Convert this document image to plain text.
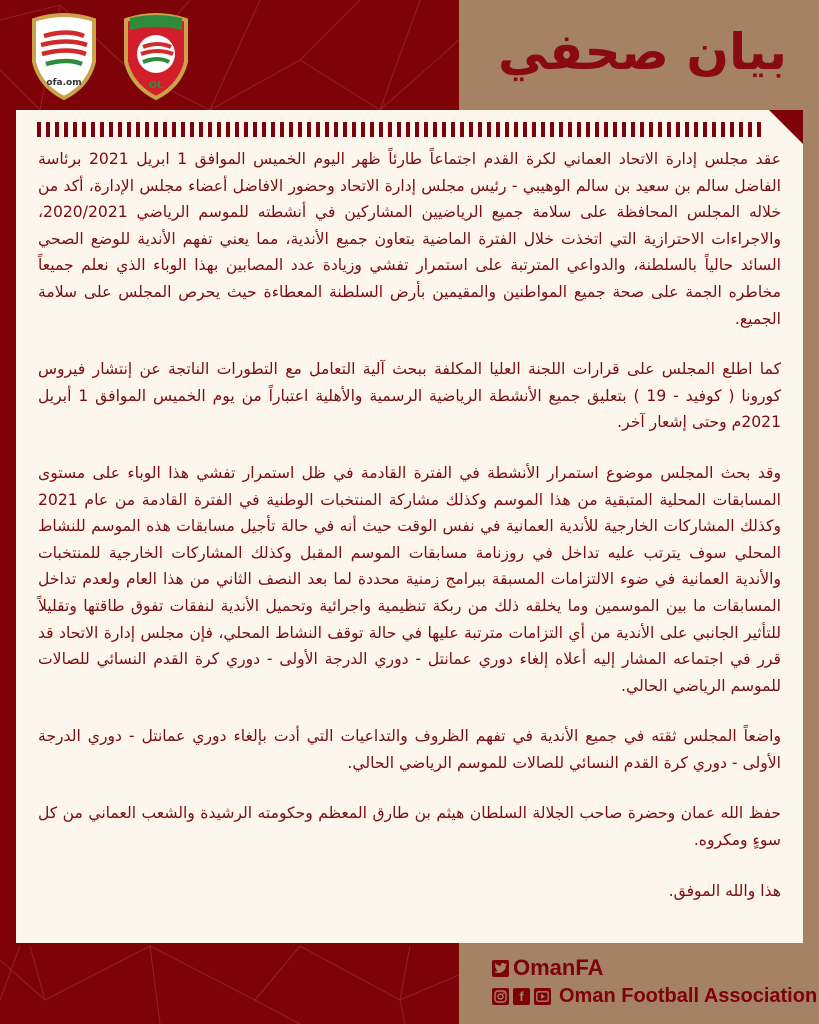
ofa.om	OL
بيان صحفي

عقد مجلس إدارة الاتحاد العماني لكرة القدم اجتماعاً طارئاً ظهر اليوم الخميس الموافق 1 ابريل 2021 برئاسة الفاضل سالم بن سعيد بن سالم الوهيبي - رئيس مجلس إدارة الاتحاد وحضور الافاضل أعضاء مجلس الإدارة، أكد من خلاله المجلس المحافظة على سلامة جميع الرياضيين المشاركين في أنشطته للموسم الرياضي 2020/2021، والاجراءات الاحترازية التي اتخذت خلال الفترة الماضية بتعاون جميع الأندية، مما يعني تفهم الأندية للوضع الصحي السائد حالياً بالسلطنة، والدواعي المترتبة على استمرار تفشي وزيادة عدد المصابين بهذا الوباء الذي نعلم جميعاً مخاطره الجمة على صحة جميع المواطنين والمقيمين بأرض السلطنة المعطاءة حيث يحرص المجلس على سلامة الجميع.

كما اطلع المجلس على قرارات اللجنة العليا المكلفة ببحث آلية التعامل مع التطورات الناتجة عن إنتشار فيروس كورونا ( كوفيد - 19 ) بتعليق جميع الأنشطة الرياضية الرسمية والأهلية اعتباراً من يوم الخميس الموافق 1 أبريل 2021م وحتى إشعار آخر.

وقد بحث المجلس موضوع استمرار الأنشطة في الفترة القادمة في ظل استمرار تفشي هذا الوباء على مستوى المسابقات المحلية المتبقية من هذا الموسم وكذلك مشاركة المنتخبات الوطنية في الفترة القادمة من عام 2021 وكذلك المشاركات الخارجية للأندية العمانية في نفس الوقت حيث أنه في حالة تأجيل مسابقات هذه الموسم للنشاط المحلي سوف يترتب عليه تداخل في روزنامة مسابقات الموسم المقبل وكذلك المشاركات الخارجية للمنتخبات والأندية العمانية في ضوء الالتزامات المسبقة ببرامج زمنية محددة لما بعد النصف الثاني من هذا العام ولعدم تداخل المسابقات ما بين الموسمين وما يخلقه ذلك من ربكة تنظيمية واجرائية وتحميل الأندية لنفقات تفوق طاقتها وتقليلاً للتأثير الجانبي على الأندية من أي التزامات مترتبة عليها في حالة توقف النشاط المحلي، فإن مجلس إدارة الاتحاد قد قرر في اجتماعه المشار إليه أعلاه إلغاء دوري عمانتل - دوري الدرجة الأولى - دوري كرة القدم النسائي للصالات للموسم الرياضي الحالي.

واضعاً المجلس ثقته في جميع الأندية في تفهم الظروف والتداعيات التي أدت بإلغاء دوري عمانتل - دوري الدرجة الأولى - دوري كرة القدم النسائي للصالات للموسم الرياضي الحالي.

حفظ الله عمان وحضرة صاحب الجلالة السلطان هيثم بن طارق المعظم وحكومته الرشيدة والشعب العماني من كل سوءٍ ومكروه.

هذا والله الموفق.

OmanFA
f	Oman Football Association
